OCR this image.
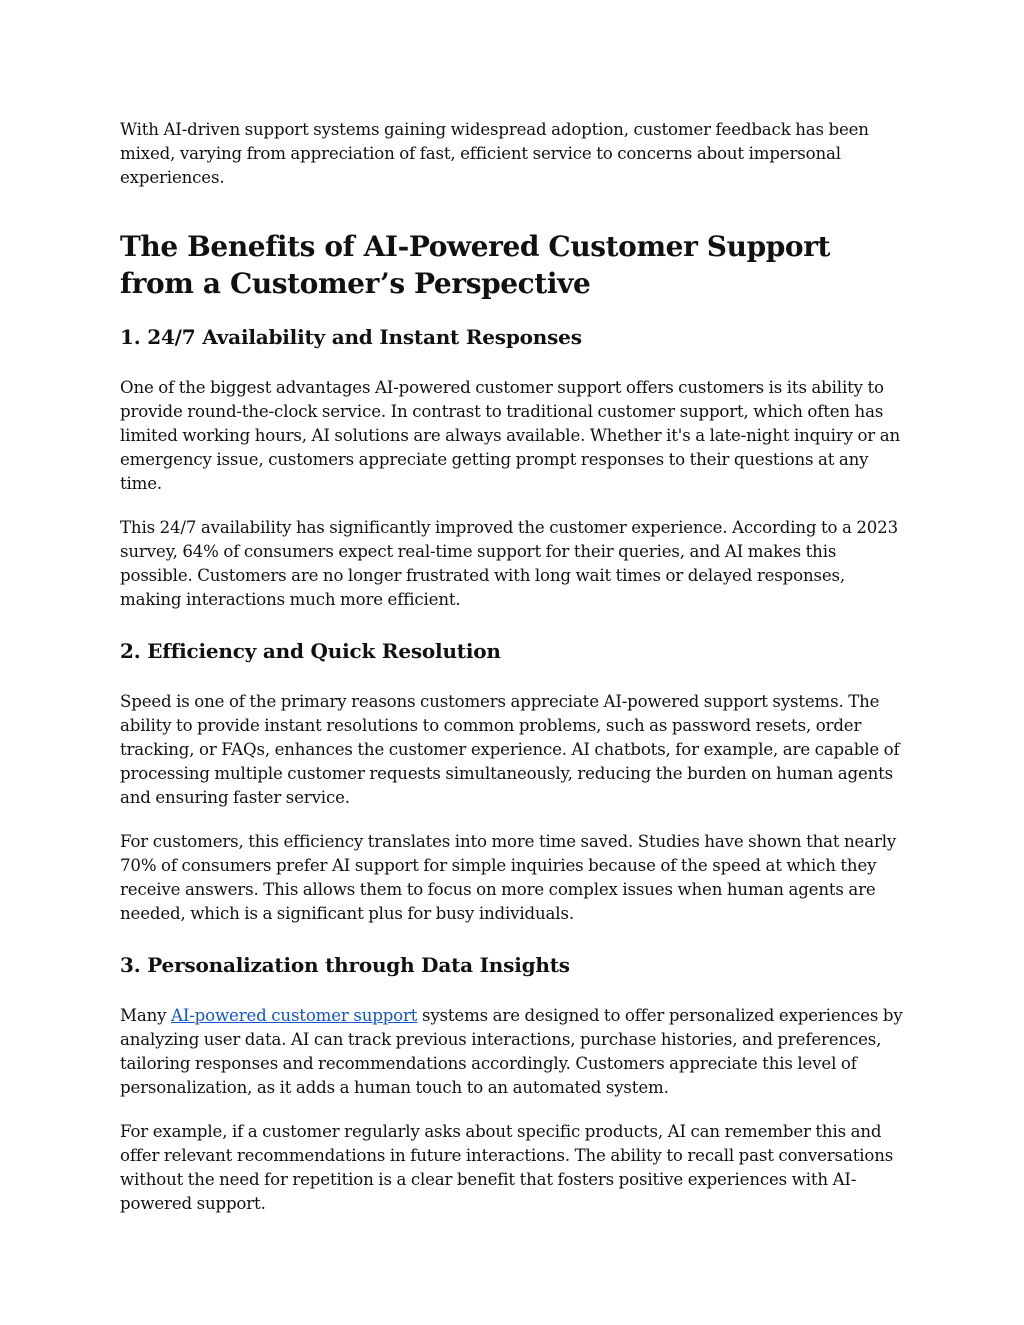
With AI-driven support systems gaining widespread adoption, customer feedback has been mixed, varying from appreciation of fast, efficient service to concerns about impersonal experiences.

The Benefits of AI-Powered Customer Support from a Customer’s Perspective
1. 24/7 Availability and Instant Responses

One of the biggest advantages AI-powered customer support offers customers is its ability to provide round-the-clock service. In contrast to traditional customer support, which often has limited working hours, AI solutions are always available. Whether it's a late-night inquiry or an emergency issue, customers appreciate getting prompt responses to their questions at any time.

This 24/7 availability has significantly improved the customer experience. According to a 2023 survey, 64% of consumers expect real-time support for their queries, and AI makes this possible. Customers are no longer frustrated with long wait times or delayed responses, making interactions much more efficient.

2. Efficiency and Quick Resolution

Speed is one of the primary reasons customers appreciate AI-powered support systems. The ability to provide instant resolutions to common problems, such as password resets, order tracking, or FAQs, enhances the customer experience. AI chatbots, for example, are capable of processing multiple customer requests simultaneously, reducing the burden on human agents and ensuring faster service.

For customers, this efficiency translates into more time saved. Studies have shown that nearly 70% of consumers prefer AI support for simple inquiries because of the speed at which they receive answers. This allows them to focus on more complex issues when human agents are needed, which is a significant plus for busy individuals.

3. Personalization through Data Insights

Many AI-powered customer support systems are designed to offer personalized experiences by analyzing user data. AI can track previous interactions, purchase histories, and preferences, tailoring responses and recommendations accordingly. Customers appreciate this level of personalization, as it adds a human touch to an automated system.

For example, if a customer regularly asks about specific products, AI can remember this and offer relevant recommendations in future interactions. The ability to recall past conversations without the need for repetition is a clear benefit that fosters positive experiences with AI-powered support.
